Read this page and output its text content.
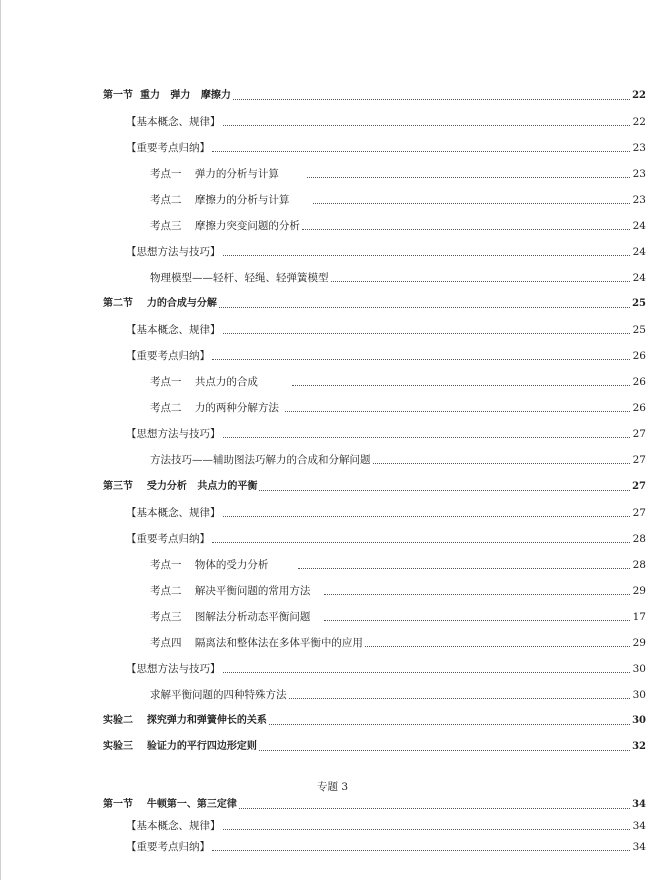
第一节  重力   弹力   摩擦力	22
【基本概念、规律】	22
【重要考点归纳】	23
考点一    弹力的分析与计算	23
考点二    摩擦力的分析与计算	23
考点三    摩擦力突变问题的分析	24
【思想方法与技巧】	24
物理模型——轻杆、轻绳、轻弹簧模型	24
第二节    力的合成与分解	25
【基本概念、规律】	25
【重要考点归纳】	26
考点一    共点力的合成	26
考点二    力的两种分解方法	26
【思想方法与技巧】	27
方法技巧——辅助图法巧解力的合成和分解问题	27
第三节    受力分析   共点力的平衡	27
【基本概念、规律】	27
【重要考点归纳】	28
考点一    物体的受力分析	28
考点二    解决平衡问题的常用方法	29
考点三    图解法分析动态平衡问题	17
考点四    隔离法和整体法在多体平衡中的应用	29
【思想方法与技巧】	30
求解平衡问题的四种特殊方法	30
实验二    探究弹力和弹簧伸长的关系	30
实验三    验证力的平行四边形定则	32
专题 3
第一节    牛顿第一、第三定律	34
【基本概念、规律】	34
【重要考点归纳】	34
